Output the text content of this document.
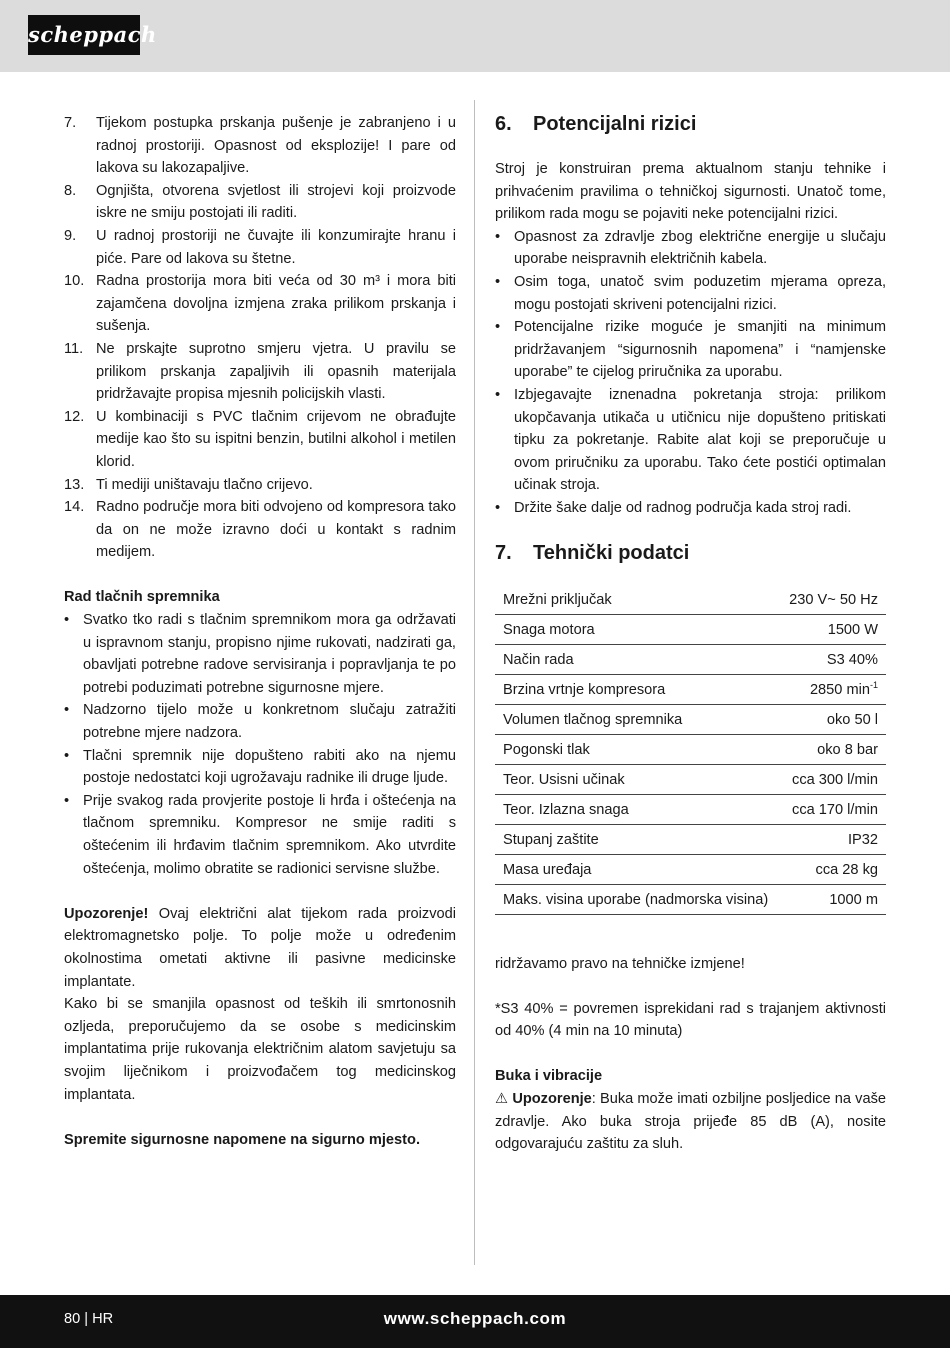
scheppach
7.	Tijekom postupka prskanja pušenje je zabranjeno i u radnoj prostoriji. Opasnost od eksplozije! I pare od lakova su lakozapaljive.
8.	Ognjišta, otvorena svjetlost ili strojevi koji proizvode iskre ne smiju postojati ili raditi.
9.	U radnoj prostoriji ne čuvajte ili konzumirajte hranu i piće. Pare od lakova su štetne.
10. Radna prostorija mora biti veća od 30 m³ i mora biti zajamčena dovoljna izmjena zraka prilikom prskanja i sušenja.
11. Ne prskajte suprotno smjeru vjetra. U pravilu se prilikom prskanja zapaljivih ili opasnih materijala pridržavajte propisa mjesnih policijskih vlasti.
12. U kombinaciji s PVC tlačnim crijevom ne obrađujte medije kao što su ispitni benzin, butilni alkohol i metilen klorid.
13. Ti mediji uništavaju tlačno crijevo.
14. Radno područje mora biti odvojeno od kompresora tako da on ne može izravno doći u kontakt s radnim medijem.
Rad tlačnih spremnika
• Svatko tko radi s tlačnim spremnikom mora ga održavati u ispravnom stanju, propisno njime rukovati, nadzirati ga, obavljati potrebne radove servisiranja i popravljanja te po potrebi poduzimati potrebne sigurnosne mjere.
• Nadzorno tijelo može u konkretnom slučaju zatražiti potrebne mjere nadzora.
• Tlačni spremnik nije dopušteno rabiti ako na njemu postoje nedostatci koji ugrožavaju radnike ili druge ljude.
• Prije svakog rada provjerite postoje li hrđa i oštećenja na tlačnom spremniku. Kompresor ne smije raditi s oštećenim ili hrđavim tlačnim spremnikom. Ako utvrdite oštećenja, molimo obratite se radionici servisne službe.
Upozorenje! Ovaj električni alat tijekom rada proizvodi elektromagnetsko polje. To polje može u određenim okolnostima ometati aktivne ili pasivne medicinske implantate.
Kako bi se smanjila opasnost od teških ili smrtonosnih ozljeda, preporučujemo da se osobe s medicinskim implantatima prije rukovanja električnim alatom savjetuju sa svojim liječnikom i proizvođačem tog medicinskog implantata.
Spremite sigurnosne napomene na sigurno mjesto.
6.	Potencijalni rizici
Stroj je konstruiran prema aktualnom stanju tehnike i prihvaćenim pravilima o tehničkoj sigurnosti. Unatoč tome, prilikom rada mogu se pojaviti neke potencijalni rizici.
• Opasnost za zdravlje zbog električne energije u slučaju uporabe neispravnih električnih kabela.
• Osim toga, unatoč svim poduzetim mjerama opreza, mogu postojati skriveni potencijalni rizici.
• Potencijalne rizike moguće je smanjiti na minimum pridržavanjem “sigurnosnih napomena” i “namjenske uporabe” te cijelog priručnika za uporabu.
• Izbjegavajte iznenadna pokretanja stroja: prilikom ukopčavanja utikača u utičnicu nije dopušteno pritiskati tipku za pokretanje. Rabite alat koji se preporučuje u ovom priručniku za uporabu. Tako ćete postići optimalan učinak stroja.
• Držite šake dalje od radnog područja kada stroj radi.
7.	Tehnički podatci
Mrežni priključak	230 V~ 50 Hz
Snaga motora	1500 W
Način rada	S3 40%
Brzina vrtnje kompresora	2850 $\min^{-1}$
Volumen tlačnog spremnika	oko 50 l
Pogonski tlak	oko 8 bar
Teor. Usisni učinak	cca 300 l/min
Teor. Izlazna snaga	cca 170 l/min
Stupanj zaštite	IP32
Masa uređaja	cca 28 kg
Maks. visina uporabe (nadmorska visina)	1000 m
ridržavamo pravo na tehničke izmjene!
*S3 40% = povremen isprekidani rad s trajanjem aktivnosti od 40% (4 min na 10 minuta)
Buka i vibracije
⚠ Upozorenje: Buka može imati ozbiljne posljedice na vaše zdravlje. Ako buka stroja prijeđe 85 dB (A), nosite odgovarajuću zaštitu za sluh.
80 | HR	www.scheppach.com
